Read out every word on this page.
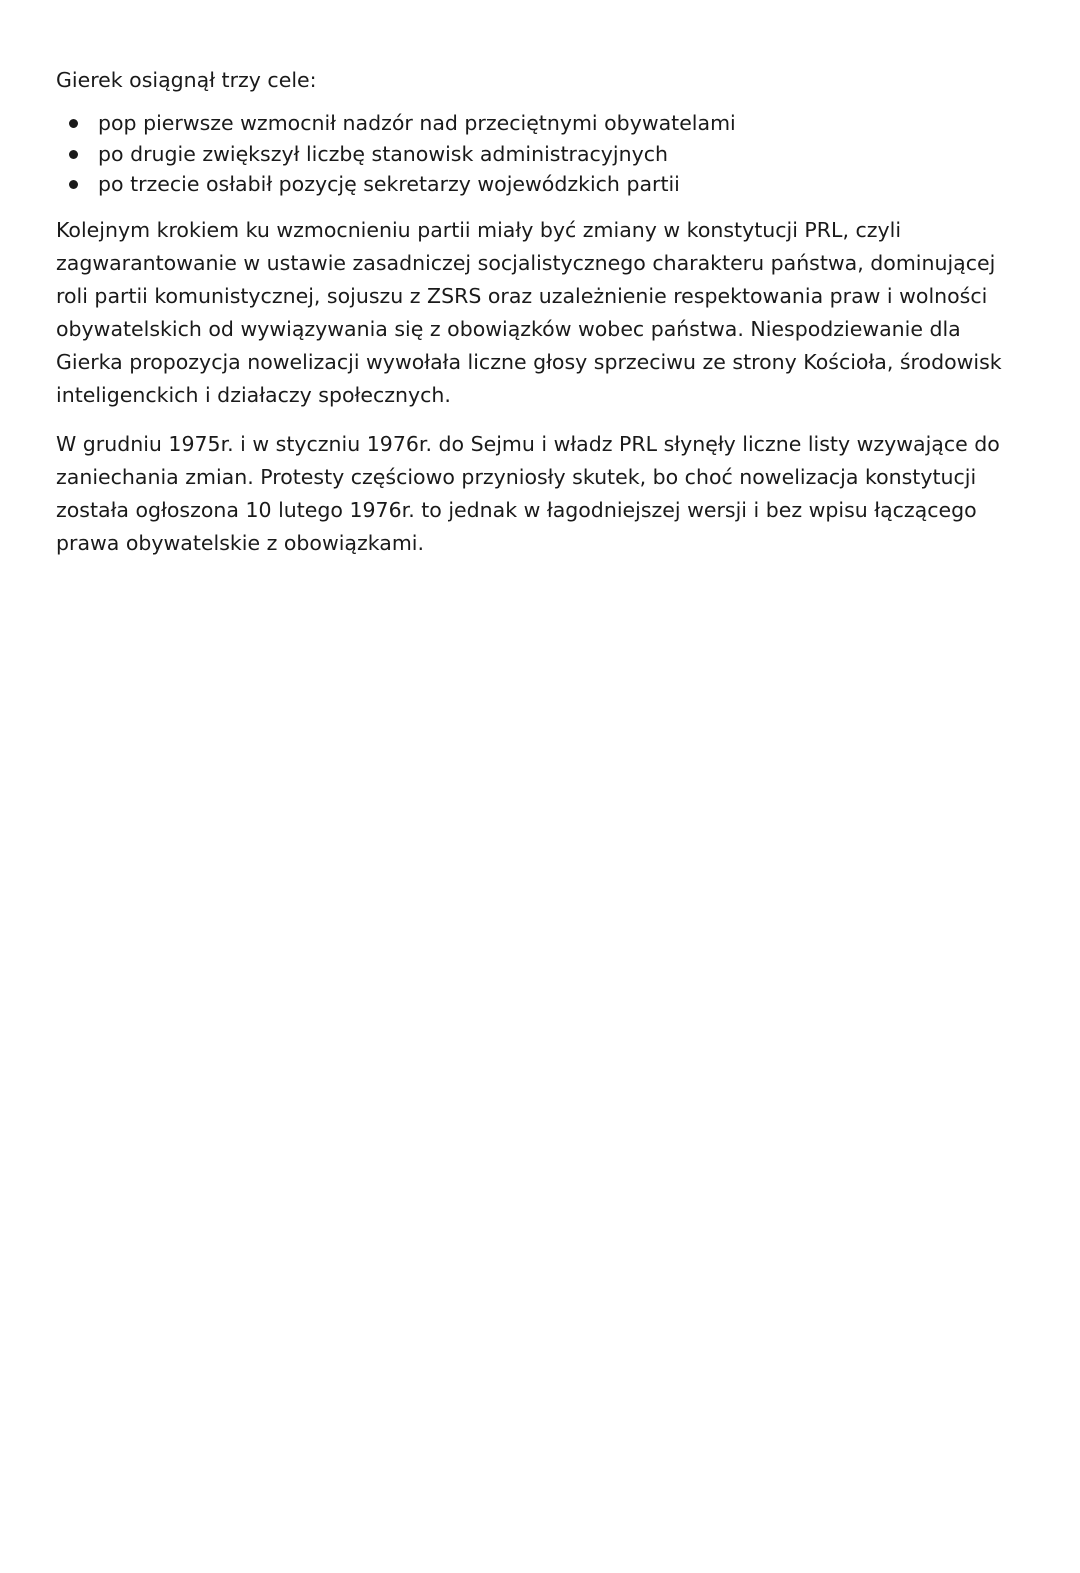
Gierek osiągnął trzy cele:

pop pierwsze wzmocnił nadzór nad przeciętnymi obywatelami
po drugie zwiększył liczbę stanowisk administracyjnych
po trzecie osłabił pozycję sekretarzy wojewódzkich partii

Kolejnym krokiem ku wzmocnieniu partii miały być zmiany w konstytucji PRL, czyli zagwarantowanie w ustawie zasadniczej socjalistycznego charakteru państwa, dominującej roli partii komunistycznej, sojuszu z ZSRS oraz uzależnienie respektowania praw i wolności obywatelskich od wywiązywania się z obowiązków wobec państwa. Niespodziewanie dla Gierka propozycja nowelizacji wywołała liczne głosy sprzeciwu ze strony Kościoła, środowisk inteligenckich i działaczy społecznych.

W grudniu 1975r. i w styczniu 1976r. do Sejmu i władz PRL słynęły liczne listy wzywające do zaniechania zmian. Protesty częściowo przyniosły skutek, bo choć nowelizacja konstytucji została ogłoszona 10 lutego 1976r. to jednak w łagodniejszej wersji i bez wpisu łączącego prawa obywatelskie z obowiązkami.
